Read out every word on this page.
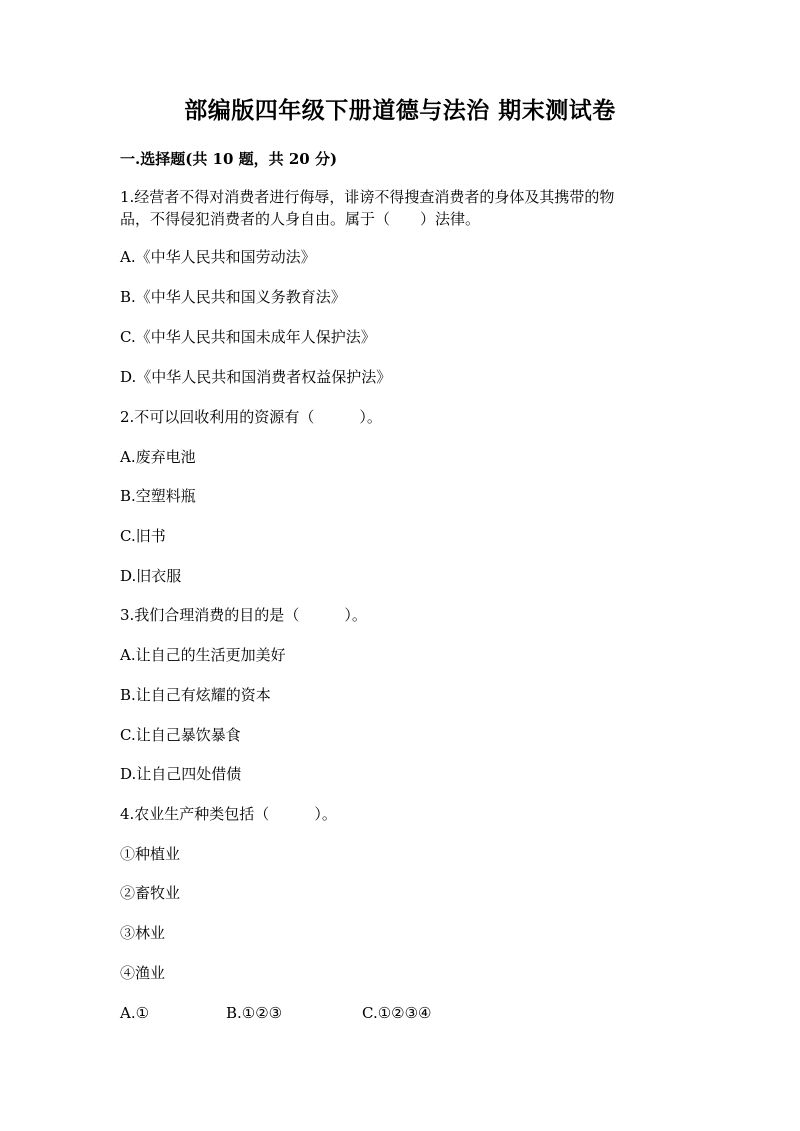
部编版四年级下册道德与法治 期末测试卷
一.选择题(共 10 题，共 20 分)
1.经营者不得对消费者进行侮辱，诽谤不得搜查消费者的身体及其携带的物
品，不得侵犯消费者的人身自由。属于（　　）法律。
A.《中华人民共和国劳动法》
B.《中华人民共和国义务教育法》
C.《中华人民共和国未成年人保护法》
D.《中华人民共和国消费者权益保护法》
2.不可以回收利用的资源有（　　　）。
A.废弃电池
B.空塑料瓶
C.旧书
D.旧衣服
3.我们合理消费的目的是（　　　）。
A.让自己的生活更加美好
B.让自己有炫耀的资本
C.让自己暴饮暴食
D.让自己四处借债
4.农业生产种类包括（　　　）。
①种植业
②畜牧业
③林业
④渔业
A.①	B.①②③	C.①②③④
